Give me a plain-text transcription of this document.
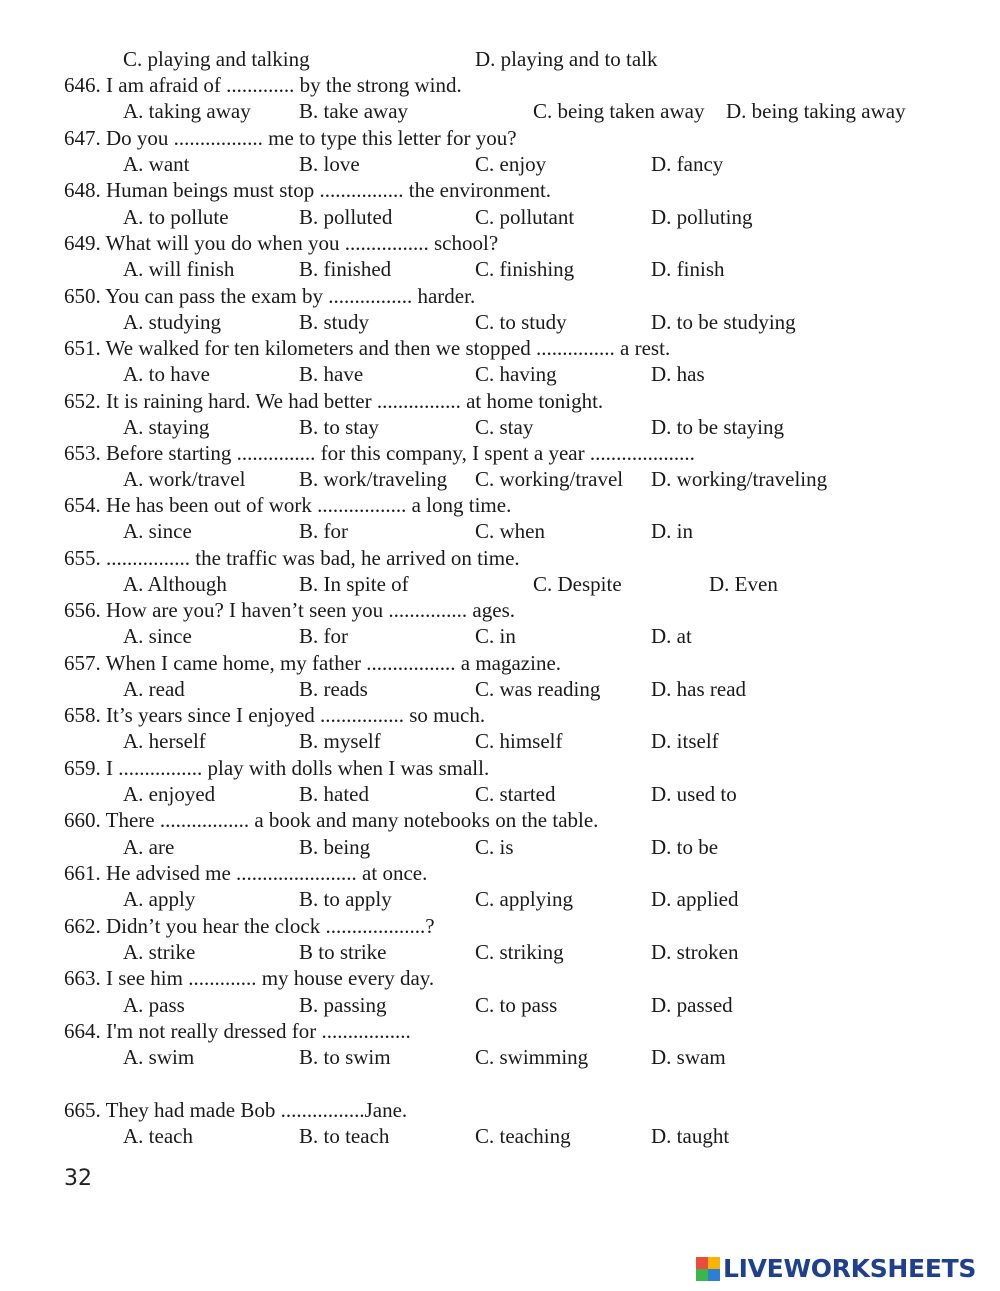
C. playing and talking	D. playing and to talk
646. I am afraid of ............. by the strong wind.
A. taking away B. take away	C. being taken away D. being taking away
647. Do you ................. me to type this letter for you?
A. want	B. love	C. enjoy	D. fancy
648. Human beings must stop ................ the environment.
A. to pollute	B. polluted	C. pollutant	D. polluting
649. What will you do when you ................ school?
A. will finish	B. finished	C. finishing	D. finish
650. You can pass the exam by ................ harder.
A. studying	B. study	C. to study	D. to be studying
651. We walked for ten kilometers and then we stopped ............... a rest.
A. to have	B. have	C. having	D. has
652. It is raining hard. We had better ................ at home tonight.
A. staying	B. to stay	C. stay	D. to be staying
653. Before starting ............... for this company, I spent a year ....................
A. work/travel	B. work/traveling C. working/travel D. working/traveling
654. He has been out of work ................. a long time.
A. since	B. for	C. when	D. in
655. ................ the traffic was bad, he arrived on time.
A. Although	B. In spite of	C. Despite	D. Even
656. How are you? I haven’t seen you ............... ages.
A. since	B. for	C. in	D. at
657. When I came home, my father ................. a magazine.
A. read	B. reads	C. was reading D. has read
658. It’s years since I enjoyed ................ so much.
A. herself	B. myself	C. himself	D. itself
659. I ................ play with dolls when I was small.
A. enjoyed	B. hated	C. started	D. used to
660. There ................. a book and many notebooks on the table.
A. are	B. being	C. is	D. to be
661. He advised me ....................... at once.
A. apply	B. to apply	C. applying	D. applied
662. Didn’t you hear the clock ...................?
A. strike	B to strike	C. striking	D. stroken
663. I see him ............. my house every day.
A. pass	B. passing	C. to pass	D. passed
664. I'm not really dressed for .................
A. swim	B. to swim	C. swimming	D. swam
665. They had made Bob ................Jane.
A. teach	B. to teach	C. teaching	D. taught
32
LIVEWORKSHEETS
